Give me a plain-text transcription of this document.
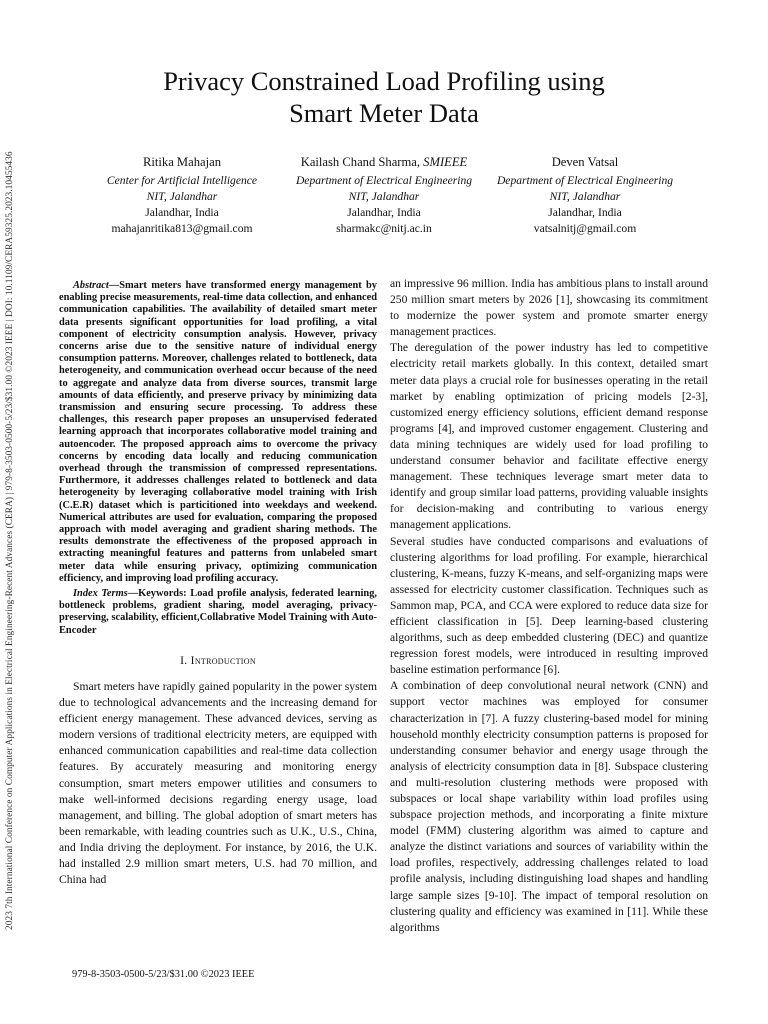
2023 7th International Conference on Computer Applications in Electrical Engineering-Recent Advances (CERA) | 979-8-3503-0500-5/23/$31.00 ©2023 IEEE | DOI: 10.1109/CERA59325.2023.10455436
Privacy Constrained Load Profiling using
Smart Meter Data
Ritika Mahajan
Center for Artificial Intelligence
NIT, Jalandhar
Jalandhar, India
mahajanritika813@gmail.com
Kailash Chand Sharma, SMIEEE
Department of Electrical Engineering
NIT, Jalandhar
Jalandhar, India
sharmakc@nitj.ac.in
Deven Vatsal
Department of Electrical Engineering
NIT, Jalandhar
Jalandhar, India
vatsalnitj@gmail.com

Abstract—Smart meters have transformed energy management by enabling precise measurements, real-time data collection, and enhanced communication capabilities. The availability of detailed smart meter data presents significant opportunities for load profiling, a vital component of electricity consumption analysis. However, privacy concerns arise due to the sensitive nature of individual energy consumption patterns. Moreover, challenges related to bottleneck, data heterogeneity, and communication overhead occur because of the need to aggregate and analyze data from diverse sources, transmit large amounts of data efficiently, and preserve privacy by minimizing data transmission and ensuring secure processing. To address these challenges, this research paper proposes an unsupervised federated learning approach that incorporates collaborative model training and autoencoder. The proposed approach aims to overcome the privacy concerns by encoding data locally and reducing communication overhead through the transmission of compressed representations. Furthermore, it addresses challenges related to bottleneck and data heterogeneity by leveraging collaborative model training with Irish (C.E.R) dataset which is particitioned into weekdays and weekend. Numerical attributes are used for evaluation, comparing the proposed approach with model averaging and gradient sharing methods. The results demonstrate the effectiveness of the proposed approach in extracting meaningful features and patterns from unlabeled smart meter data while ensuring privacy, optimizing communication efficiency, and improving load profiling accuracy.

Index Terms—Keywords: Load profile analysis, federated learning, bottleneck problems, gradient sharing, model averaging, privacy-preserving, scalability, efficient,Collabrative Model Training with Auto-Encoder

I. Introduction

Smart meters have rapidly gained popularity in the power system due to technological advancements and the increasing demand for efficient energy management. These advanced devices, serving as modern versions of traditional electricity meters, are equipped with enhanced communication capabilities and real-time data collection features. By accurately measuring and monitoring energy consumption, smart meters empower utilities and consumers to make well-informed decisions regarding energy usage, load management, and billing. The global adoption of smart meters has been remarkable, with leading countries such as U.K., U.S., China, and India driving the deployment. For instance, by 2016, the U.K. had installed 2.9 million smart meters, U.S. had 70 million, and China had

an impressive 96 million. India has ambitious plans to install around 250 million smart meters by 2026 [1], showcasing its commitment to modernize the power system and promote smarter energy management practices.

The deregulation of the power industry has led to competitive electricity retail markets globally. In this context, detailed smart meter data plays a crucial role for businesses operating in the retail market by enabling optimization of pricing models [2-3], customized energy efficiency solutions, efficient demand response programs [4], and improved customer engagement. Clustering and data mining techniques are widely used for load profiling to understand consumer behavior and facilitate effective energy management. These techniques leverage smart meter data to identify and group similar load patterns, providing valuable insights for decision-making and contributing to various energy management applications.

Several studies have conducted comparisons and evaluations of clustering algorithms for load profiling. For example, hierarchical clustering, K-means, fuzzy K-means, and self-organizing maps were assessed for electricity customer classification. Techniques such as Sammon map, PCA, and CCA were explored to reduce data size for efficient classification in [5]. Deep learning-based clustering algorithms, such as deep embedded clustering (DEC) and quantize regression forest models, were introduced in resulting improved baseline estimation performance [6].

A combination of deep convolutional neural network (CNN) and support vector machines was employed for consumer characterization in [7]. A fuzzy clustering-based model for mining household monthly electricity consumption patterns is proposed for understanding consumer behavior and energy usage through the analysis of electricity consumption data in [8]. Subspace clustering and multi-resolution clustering methods were proposed with subspaces or local shape variability within load profiles using subspace projection methods, and incorporating a finite mixture model (FMM) clustering algorithm was aimed to capture and analyze the distinct variations and sources of variability within the load profiles, respectively, addressing challenges related to load profile analysis, including distinguishing load shapes and handling large sample sizes [9-10]. The impact of temporal resolution on clustering quality and efficiency was examined in [11]. While these algorithms

979-8-3503-0500-5/23/$31.00 ©2023 IEEE
